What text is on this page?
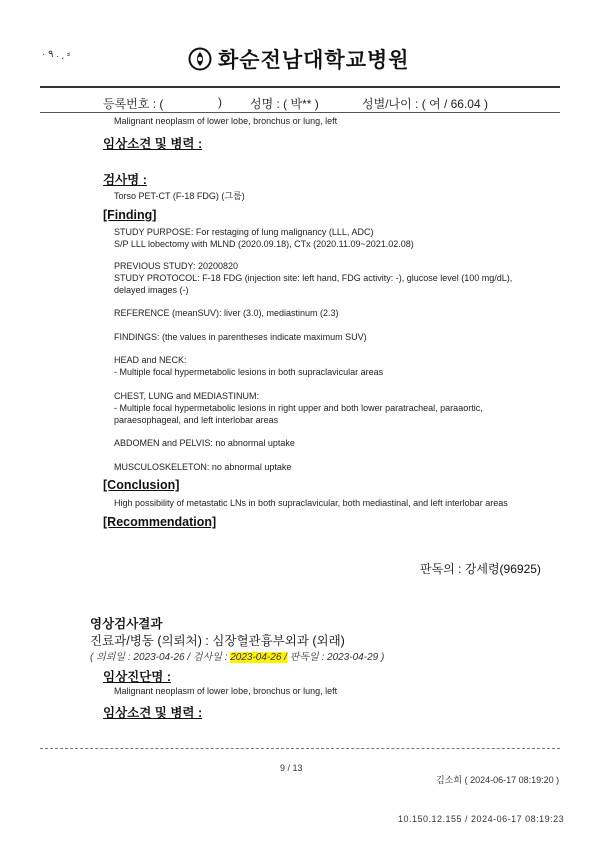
· ٩ . ⸼ ⸗	화순전남대학교병원
등록번호 : (	) 성명 : ( 박** )	성별/나이 : ( 여 / 66.04 )
Malignant neoplasm of lower lobe, bronchus or lung, left
임상소견 및 병력 :
검사명 :
Torso PET-CT (F-18 FDG) (그룹)
[Finding]
STUDY PURPOSE: For restaging of lung malignancy (LLL, ADC)
S/P LLL lobectomy with MLND (2020.09.18), CTx (2020.11.09~2021.02.08)
PREVIOUS STUDY: 20200820
STUDY PROTOCOL: F-18 FDG (injection site: left hand, FDG activity: -), glucose level (100 mg/dL),
delayed images (-)
REFERENCE (meanSUV): liver (3.0), mediastinum (2.3)
FINDINGS: (the values in parentheses indicate maximum SUV)
HEAD and NECK:
- Multiple focal hypermetabolic lesions in both supraclavicular areas
CHEST, LUNG and MEDIASTINUM:
- Multiple focal hypermetabolic lesions in right upper and both lower paratracheal, paraaortic,
paraesophageal, and left interlobar areas
ABDOMEN and PELVIS: no abnormal uptake
MUSCULOSKELETON: no abnormal uptake
[Conclusion]
High possibility of metastatic LNs in both supraclavicular, both mediastinal, and left interlobar areas
[Recommendation]
판독의 : 강세령(96925)
영상검사결과
진료과/병동 (의뢰처) : 심장혈관흉부외과 (외래)
( 의뢰일 : 2023-04-26 / 검사일 : 2023-04-26 / 판독일 : 2023-04-29 )
임상진단명 :
Malignant neoplasm of lower lobe, bronchus or lung, left
임상소견 및 병력 :
9 / 13
김소희 ( 2024-06-17 08:19:20 )
10.150.12.155 / 2024-06-17 08:19:23
